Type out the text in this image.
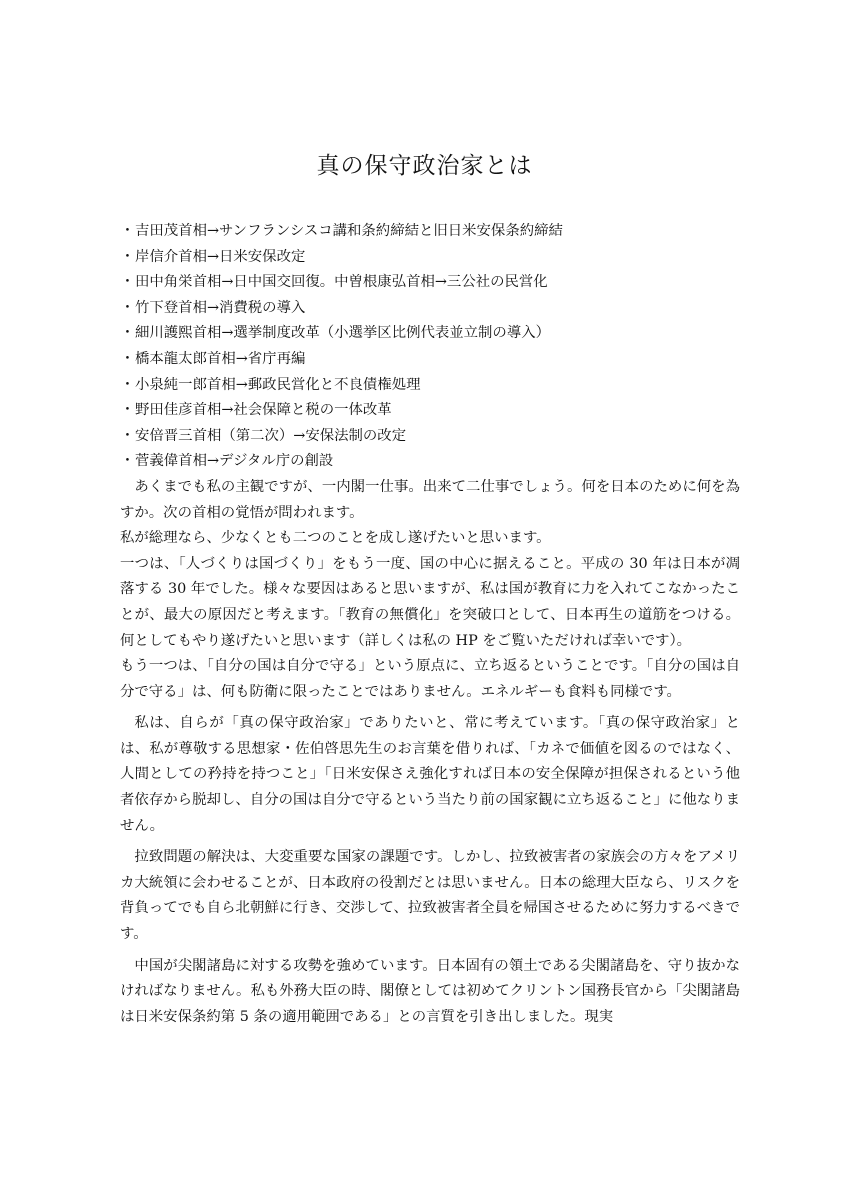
真の保守政治家とは
・吉田茂首相→サンフランシスコ講和条約締結と旧日米安保条約締結
・岸信介首相→日米安保改定
・田中角栄首相→日中国交回復。中曽根康弘首相→三公社の民営化
・竹下登首相→消費税の導入
・細川護熙首相→選挙制度改革（小選挙区比例代表並立制の導入）
・橋本龍太郎首相→省庁再編
・小泉純一郎首相→郵政民営化と不良債権処理
・野田佳彦首相→社会保障と税の一体改革
・安倍晋三首相（第二次）→安保法制の改定
・菅義偉首相→デジタル庁の創設

あくまでも私の主観ですが、一内閣一仕事。出来て二仕事でしょう。何を日本のために何を為すか。次の首相の覚悟が問われます。

私が総理なら、少なくとも二つのことを成し遂げたいと思います。

一つは、「人づくりは国づくり」をもう一度、国の中心に据えること。平成の 30 年は日本が凋落する 30 年でした。様々な要因はあると思いますが、私は国が教育に力を入れてこなかったことが、最大の原因だと考えます。「教育の無償化」を突破口として、日本再生の道筋をつける。何としてもやり遂げたいと思います（詳しくは私の HP をご覧いただければ幸いです）。

もう一つは、「自分の国は自分で守る」という原点に、立ち返るということです。「自分の国は自分で守る」は、何も防衛に限ったことではありません。エネルギーも食料も同様です。

私は、自らが「真の保守政治家」でありたいと、常に考えています。「真の保守政治家」とは、私が尊敬する思想家・佐伯啓思先生のお言葉を借りれば、「カネで価値を図るのではなく、人間としての矜持を持つこと」「日米安保さえ強化すれば日本の安全保障が担保されるという他者依存から脱却し、自分の国は自分で守るという当たり前の国家観に立ち返ること」に他なりません。

拉致問題の解決は、大変重要な国家の課題です。しかし、拉致被害者の家族会の方々をアメリカ大統領に会わせることが、日本政府の役割だとは思いません。日本の総理大臣なら、リスクを背負ってでも自ら北朝鮮に行き、交渉して、拉致被害者全員を帰国させるために努力するべきです。

中国が尖閣諸島に対する攻勢を強めています。日本固有の領土である尖閣諸島を、守り抜かなければなりません。私も外務大臣の時、閣僚としては初めてクリントン国務長官から「尖閣諸島は日米安保条約第 5 条の適用範囲である」との言質を引き出しました。現実
